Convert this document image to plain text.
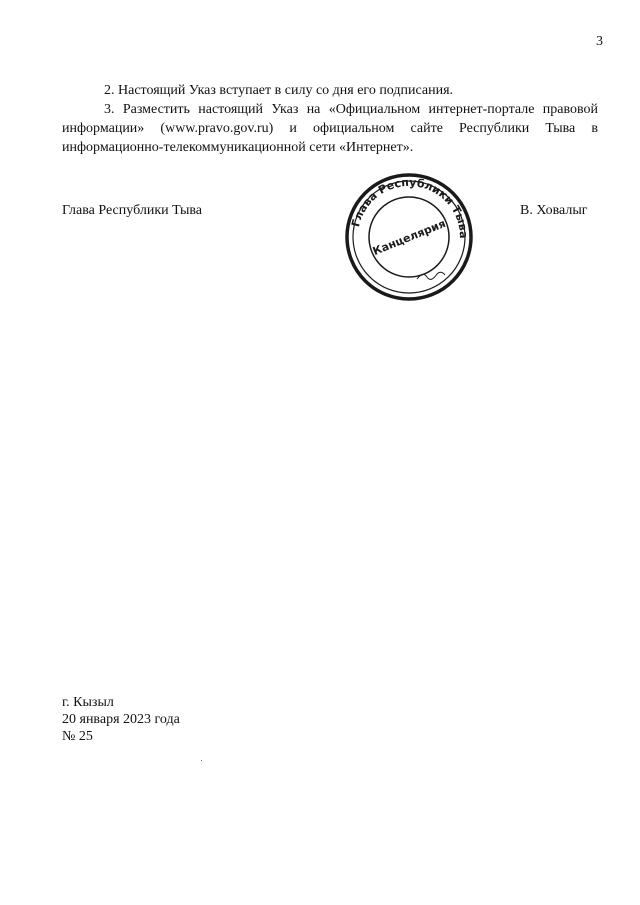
3
2. Настоящий Указ вступает в силу со дня его подписания.
3. Разместить настоящий Указ на «Официальном интернет-портале правовой информации» (www.pravo.gov.ru) и официальном сайте Республики Тыва в информационно-телекоммуникационной сети «Интернет».
Глава Республики Тыва
Глава Республики Тыва
Канцелярия
В. Ховалыг
г. Кызыл
20 января 2023 года
№ 25
